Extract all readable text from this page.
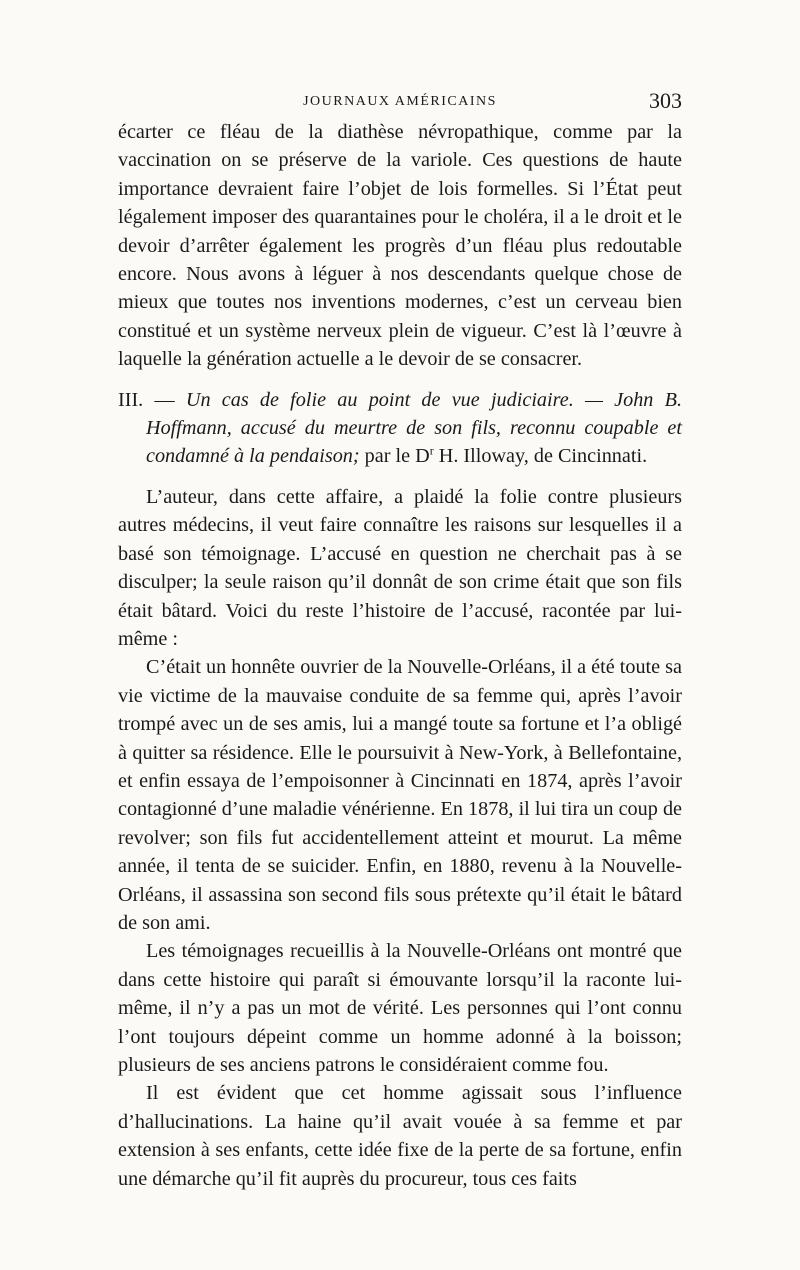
JOURNAUX AMÉRICAINS	303

écarter ce fléau de la diathèse névropathique, comme par la vaccination on se préserve de la variole. Ces questions de haute importance devraient faire l’objet de lois formelles. Si l’État peut légalement imposer des quarantaines pour le choléra, il a le droit et le devoir d’arrêter également les progrès d’un fléau plus redoutable encore. Nous avons à léguer à nos descendants quelque chose de mieux que toutes nos inventions modernes, c’est un cerveau bien constitué et un système nerveux plein de vigueur. C’est là l’œuvre à laquelle la génération actuelle a le devoir de se consacrer.

III. — Un cas de folie au point de vue judiciaire. — John B. Hoffmann, accusé du meurtre de son fils, reconnu coupable et condamné à la pendaison; par le $D^r$ H. Illoway, de Cincinnati.

L’auteur, dans cette affaire, a plaidé la folie contre plusieurs autres médecins, il veut faire connaître les raisons sur lesquelles il a basé son témoignage. L’accusé en question ne cherchait pas à se disculper; la seule raison qu’il donnât de son crime était que son fils était bâtard. Voici du reste l’histoire de l’accusé, racontée par lui-même :

C’était un honnête ouvrier de la Nouvelle-Orléans, il a été toute sa vie victime de la mauvaise conduite de sa femme qui, après l’avoir trompé avec un de ses amis, lui a mangé toute sa fortune et l’a obligé à quitter sa résidence. Elle le poursuivit à New-York, à Bellefontaine, et enfin essaya de l’empoisonner à Cincinnati en 1874, après l’avoir contagionné d’une maladie vénérienne. En 1878, il lui tira un coup de revolver; son fils fut accidentellement atteint et mourut. La même année, il tenta de se suicider. Enfin, en 1880, revenu à la Nouvelle-Orléans, il assassina son second fils sous prétexte qu’il était le bâtard de son ami.

Les témoignages recueillis à la Nouvelle-Orléans ont montré que dans cette histoire qui paraît si émouvante lorsqu’il la raconte lui-même, il n’y a pas un mot de vérité. Les personnes qui l’ont connu l’ont toujours dépeint comme un homme adonné à la boisson; plusieurs de ses anciens patrons le considéraient comme fou.

Il est évident que cet homme agissait sous l’influence d’hallucinations. La haine qu’il avait vouée à sa femme et par extension à ses enfants, cette idée fixe de la perte de sa fortune, enfin une démarche qu’il fit auprès du procureur, tous ces faits
